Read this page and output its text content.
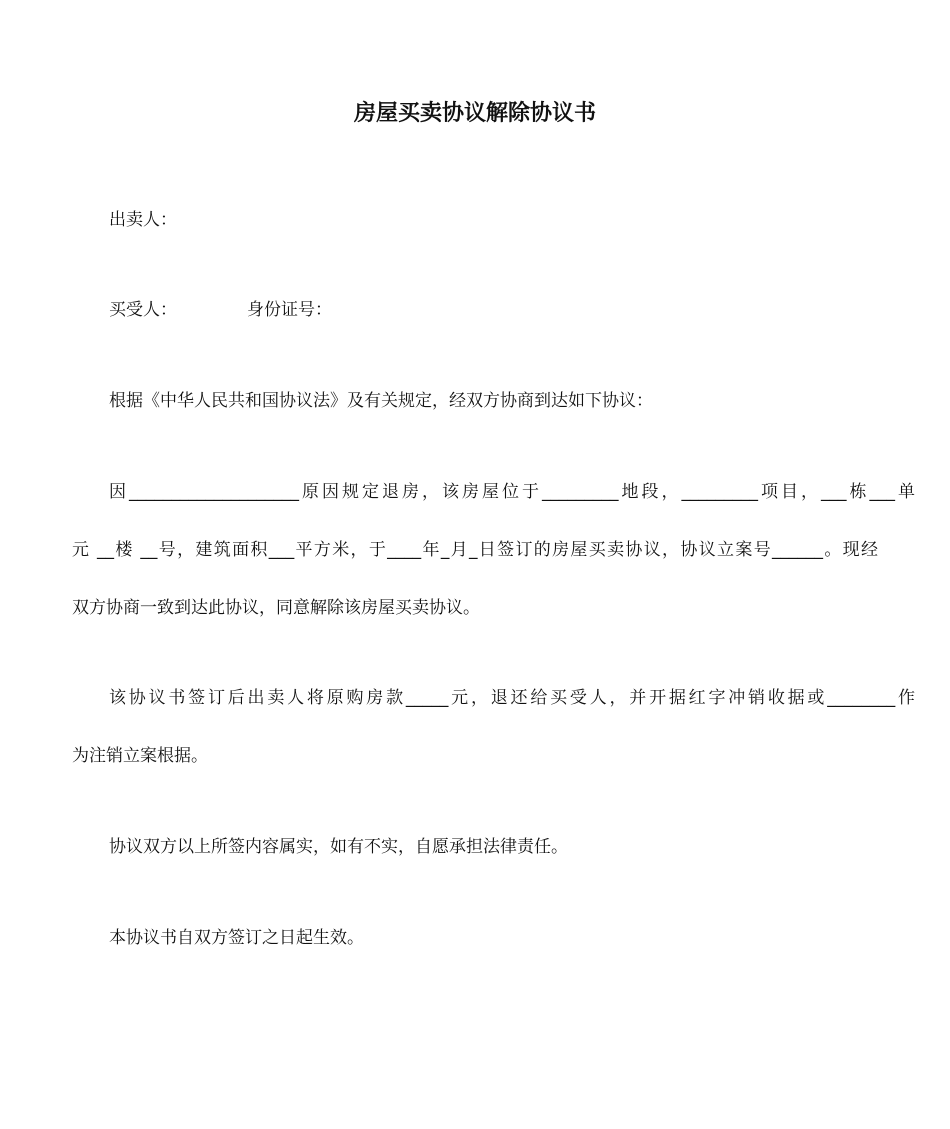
房屋买卖协议解除协议书

出卖人：

买受人：	身份证号：

根据《中华人民共和国协议法》及有关规定，经双方协商到达如下协议：

因____________________原因规定退房，该房屋位于_________地段，_________项目，___栋___单

元 __楼 __号，建筑面积___平方米，于____年_月_日签订的房屋买卖协议，协议立案号______。现经

双方协商一致到达此协议，同意解除该房屋买卖协议。

该协议书签订后出卖人将原购房款_____元，退还给买受人，并开据红字冲销收据或________作

为注销立案根据。

协议双方以上所签内容属实，如有不实，自愿承担法律责任。

本协议书自双方签订之日起生效。
